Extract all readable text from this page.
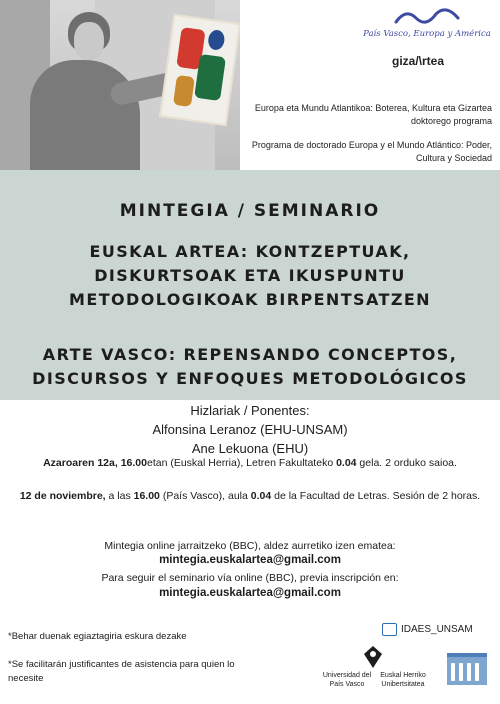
País Vasco, Europa y América
giza/\rtea
Europa eta Mundu Atlantikoa: Boterea, Kultura eta Gizartea doktorego programa
Programa de doctorado Europa y el Mundo Atlántico: Poder, Cultura y Sociedad
MINTEGIA / SEMINARIO
EUSKAL ARTEA: KONTZEPTUAK,
DISKURTSOAK ETA IKUSPUNTU
METODOLOGIKOAK BIRPENTSATZEN
ARTE VASCO: REPENSANDO CONCEPTOS,
DISCURSOS Y ENFOQUES METODOLÓGICOS
Hizlariak / Ponentes:
Alfonsina Leranoz (EHU-UNSAM)
Ane Lekuona (EHU)
Azaroaren 12a, 16.00etan (Euskal Herria), Letren Fakultateko 0.04 gela. 2 orduko saioa.
12 de noviembre, a las 16.00 (País Vasco), aula 0.04 de la Facultad de Letras. Sesión de 2 horas.
Mintegia online jarraitzeko (BBC), aldez aurretiko izen ematea:
mintegia.euskalartea@gmail.com
Para seguir el seminario vía online (BBC), previa inscripción en:
mintegia.euskalartea@gmail.com
*Behar duenak egiaztagiria eskura dezake
*Se facilitarán justificantes de asistencia para quien lo necesite
IDAES_UNSAM
Universidad del País Vasco
Euskal Herriko Unibertsitatea
